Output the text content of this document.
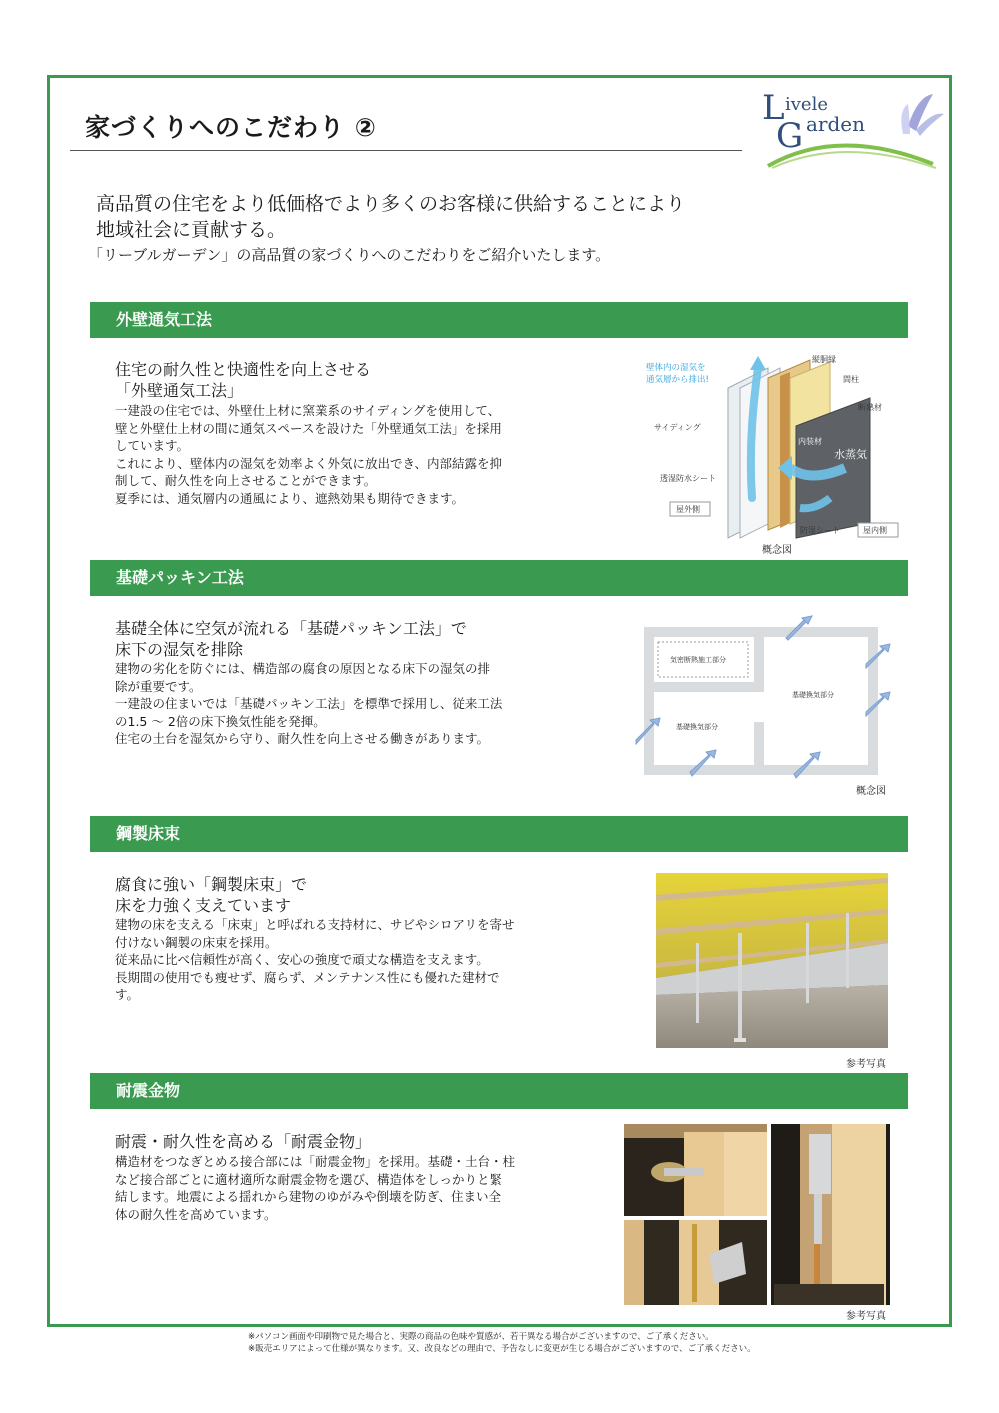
家づくりへのこだわり ②	L ivele
G arden
高品質の住宅をより低価格でより多くのお客様に供給することにより
地域社会に貢献する。
「リーブルガーデン」の高品質の家づくりへのこだわりをご紹介いたします。
外壁通気工法
住宅の耐久性と快適性を向上させる
「外壁通気工法」

一建設の住宅では、外壁仕上材に窯業系のサイディングを使用して、

壁と外壁仕上材の間に通気スペースを設けた「外壁通気工法」を採用

しています。

これにより、壁体内の湿気を効率よく外気に放出でき、内部結露を抑

制して、耐久性を向上させることができます。

夏季には、通気層内の通風により、遮熱効果も期待できます。

壁体内の湿気を
通気層から排出!
縦胴縁
間柱
断熱材
サイディング
内装材
水蒸気
透湿防水シート
屋外側
防湿シート	屋内側
概念図
基礎パッキン工法
基礎全体に空気が流れる「基礎パッキン工法」で
床下の湿気を排除

建物の劣化を防ぐには、構造部の腐食の原因となる床下の湿気の排

除が重要です。

一建設の住まいでは「基礎パッキン工法」を標準で採用し、従来工法

の1.5 ～ 2倍の床下換気性能を発揮。

住宅の土台を湿気から守り、耐久性を向上させる働きがあります。

気密断熱施工部分
基礎換気部分
基礎換気部分
概念図
鋼製床束
腐食に強い「鋼製床束」で
床を力強く支えています

建物の床を支える「床束」と呼ばれる支持材に、サビやシロアリを寄せ

付けない鋼製の床束を採用。

従来品に比べ信頼性が高く、安心の強度で頑丈な構造を支えます。

長期間の使用でも痩せず、腐らず、メンテナンス性にも優れた建材で

す。

参考写真
耐震金物
耐震・耐久性を高める「耐震金物」

構造材をつなぎとめる接合部には「耐震金物」を採用。基礎・土台・柱

など接合部ごとに適材適所な耐震金物を選び、構造体をしっかりと緊

結します。地震による揺れから建物のゆがみや倒壊を防ぎ、住まい全

体の耐久性を高めています。

参考写真
※パソコン画面や印刷物で見た場合と、実際の商品の色味や質感が、若干異なる場合がございますので、ご了承ください。
※販売エリアによって仕様が異なります。又、改良などの理由で、予告なしに変更が生じる場合がございますので、ご了承ください。
